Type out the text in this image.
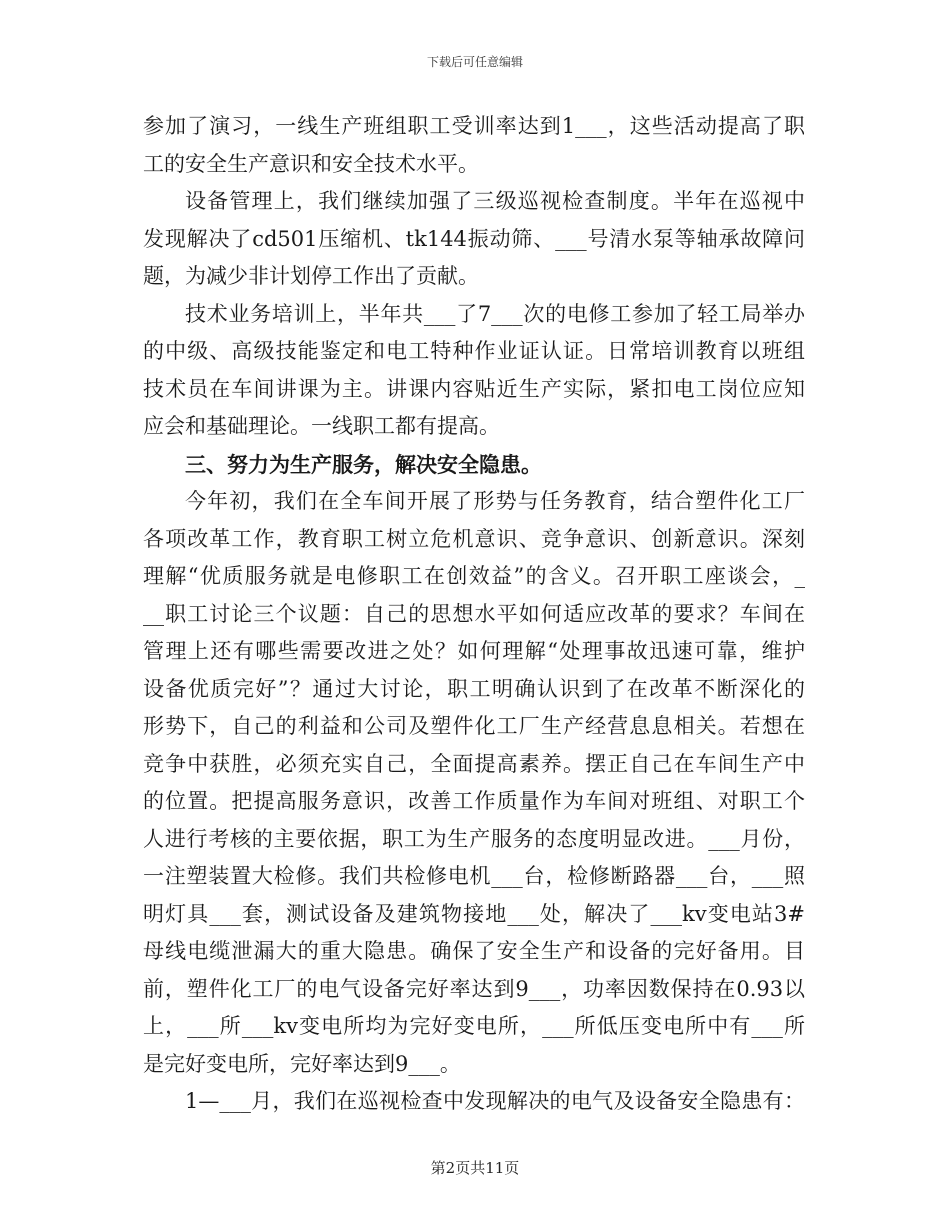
下载后可任意编辑
参加了演习，一线生产班组职工受训率达到1___，这些活动提高了职
工的安全生产意识和安全技术水平。
设备管理上，我们继续加强了三级巡视检查制度。半年在巡视中
发现解决了cd501压缩机、tk144振动筛、___号清水泵等轴承故障问
题，为减少非计划停工作出了贡献。
技术业务培训上，半年共___了7___次的电修工参加了轻工局举办
的中级、高级技能鉴定和电工特种作业证认证。日常培训教育以班组
技术员在车间讲课为主。讲课内容贴近生产实际，紧扣电工岗位应知
应会和基础理论。一线职工都有提高。
三、努力为生产服务，解决安全隐患。
今年初，我们在全车间开展了形势与任务教育，结合塑件化工厂
各项改革工作，教育职工树立危机意识、竞争意识、创新意识。深刻
理解“优质服务就是电修职工在创效益”的含义。召开职工座谈会，_
__职工讨论三个议题：自己的思想水平如何适应改革的要求？车间在
管理上还有哪些需要改进之处？如何理解“处理事故迅速可靠，维护
设备优质完好”？通过大讨论，职工明确认识到了在改革不断深化的
形势下，自己的利益和公司及塑件化工厂生产经营息息相关。若想在
竞争中获胜，必须充实自己，全面提高素养。摆正自己在车间生产中
的位置。把提高服务意识，改善工作质量作为车间对班组、对职工个
人进行考核的主要依据，职工为生产服务的态度明显改进。___月份，
一注塑装置大检修。我们共检修电机___台，检修断路器___台，___照
明灯具___套，测试设备及建筑物接地___处，解决了___kv变电站3#
母线电缆泄漏大的重大隐患。确保了安全生产和设备的完好备用。目
前，塑件化工厂的电气设备完好率达到9___，功率因数保持在0.93以
上，___所___kv变电所均为完好变电所，___所低压变电所中有___所
是完好变电所，完好率达到9___。
1—___月，我们在巡视检查中发现解决的电气及设备安全隐患有：
第2页共11页
